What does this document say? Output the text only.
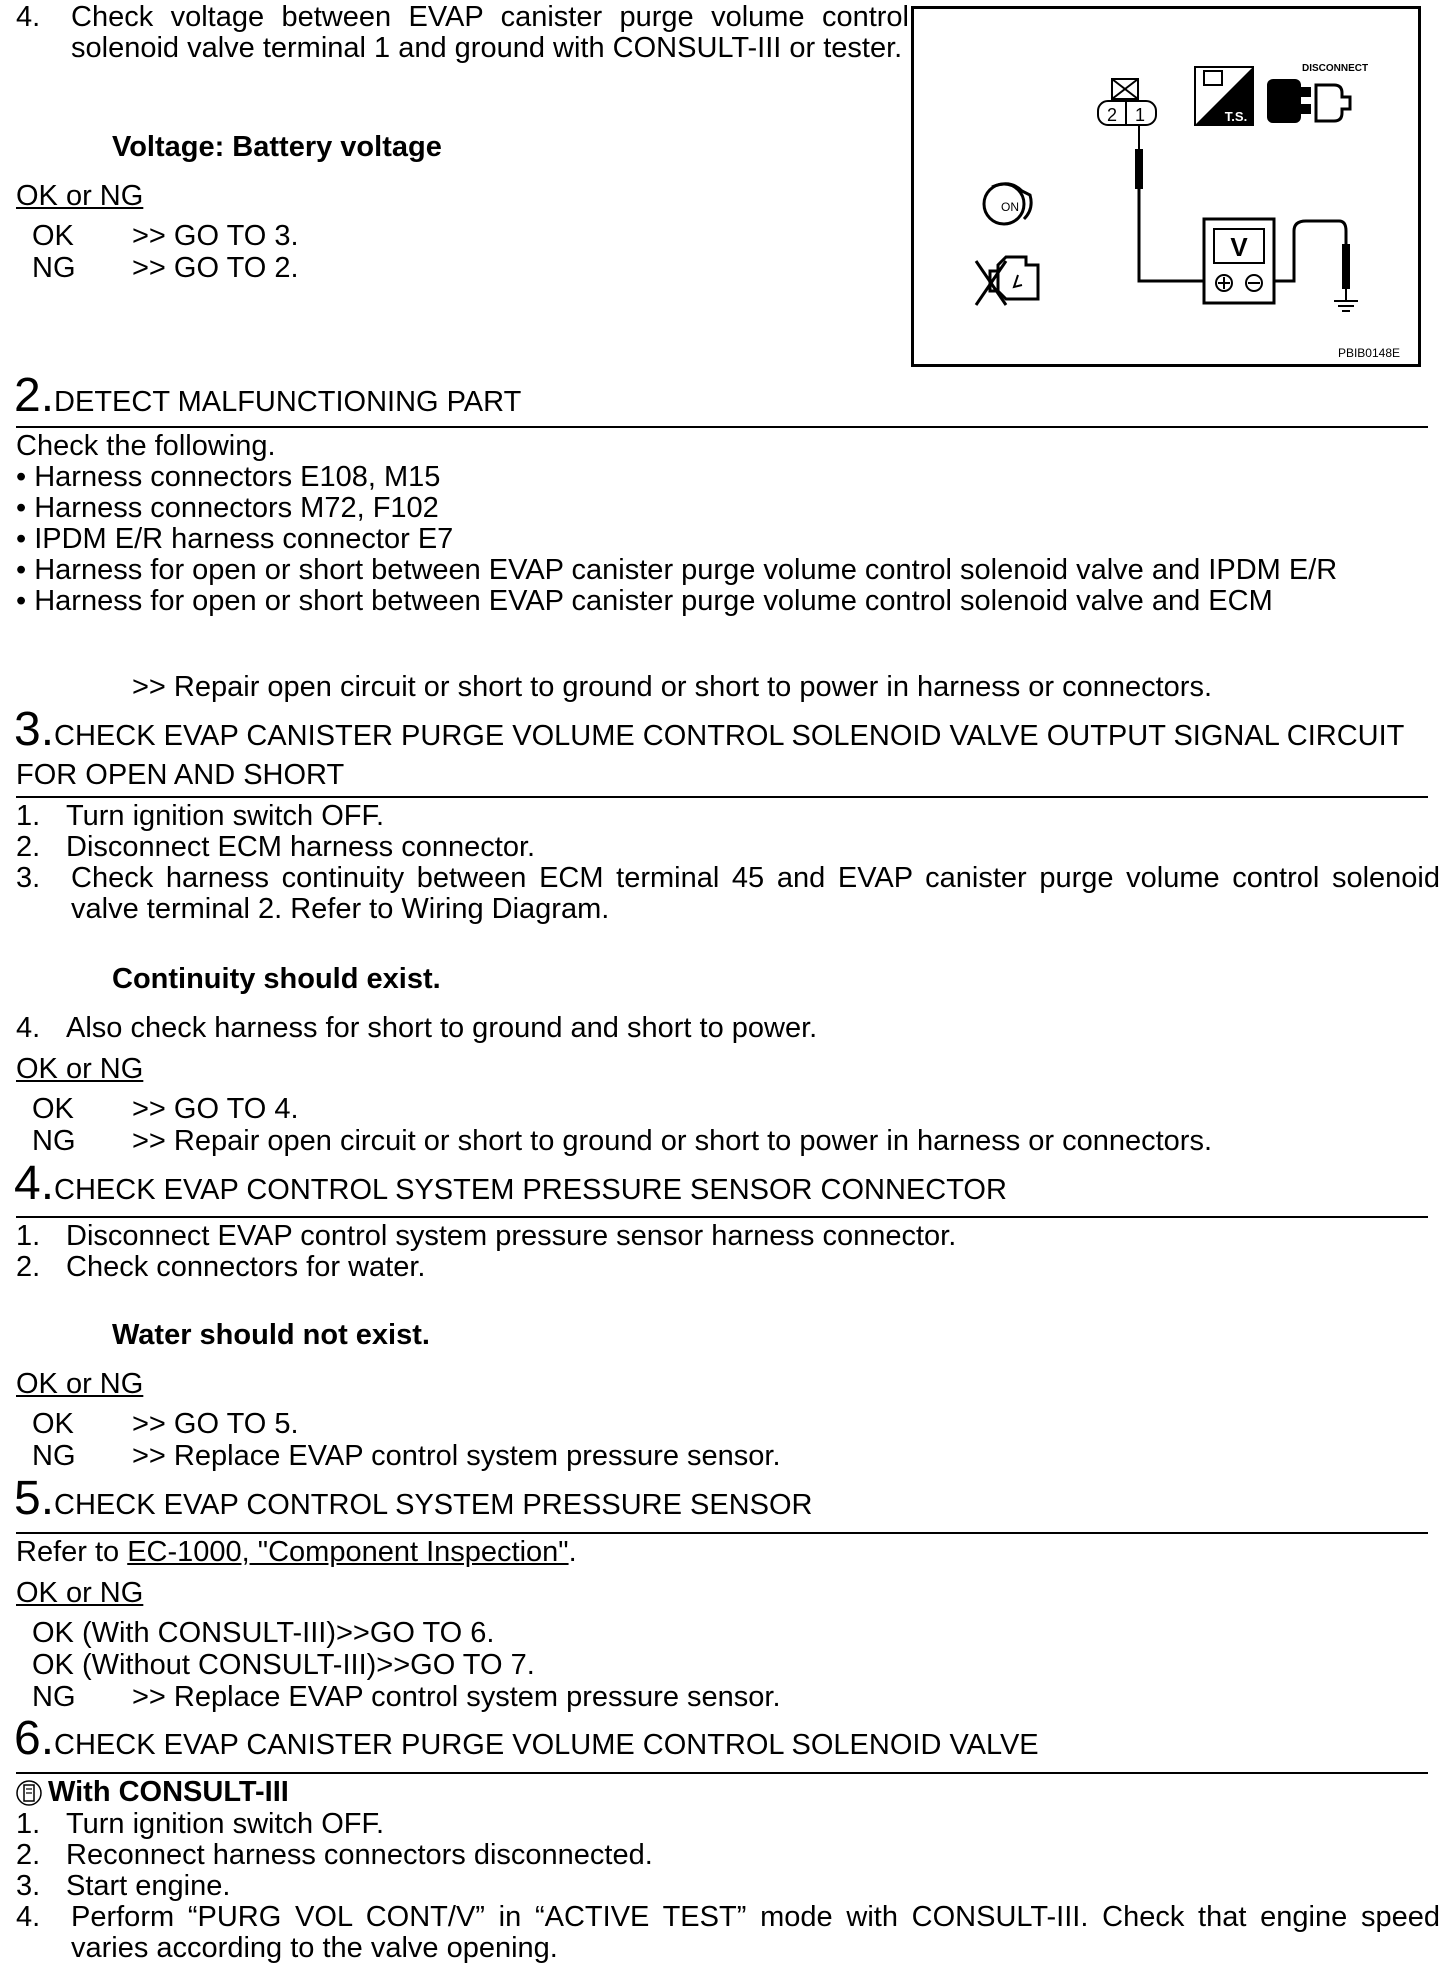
4. Check voltage between EVAP canister purge volume control solenoid valve terminal 1 and ground with CONSULT-III or tester.
Voltage: Battery voltage
OK or NG
OK >> GO TO 3.
NG >> GO TO 2.
2 1
V
T.S.
DISCONNECT
ON
PBIB0148E
2.DETECT MALFUNCTIONING PART
Check the following.
• Harness connectors E108, M15
• Harness connectors M72, F102
• IPDM E/R harness connector E7
• Harness for open or short between EVAP canister purge volume control solenoid valve and IPDM E/R
• Harness for open or short between EVAP canister purge volume control solenoid valve and ECM
>> Repair open circuit or short to ground or short to power in harness or connectors.
3.CHECK EVAP CANISTER PURGE VOLUME CONTROL SOLENOID VALVE OUTPUT SIGNAL CIRCUIT
FOR OPEN AND SHORT
1. Turn ignition switch OFF.
2. Disconnect ECM harness connector.
3. Check harness continuity between ECM terminal 45 and EVAP canister purge volume control solenoid valve terminal 2. Refer to Wiring Diagram.
Continuity should exist.
4. Also check harness for short to ground and short to power.
OK or NG
OK >> GO TO 4.
NG >> Repair open circuit or short to ground or short to power in harness or connectors.
4.CHECK EVAP CONTROL SYSTEM PRESSURE SENSOR CONNECTOR
1. Disconnect EVAP control system pressure sensor harness connector.
2. Check connectors for water.
Water should not exist.
OK or NG
OK >> GO TO 5.
NG >> Replace EVAP control system pressure sensor.
5.CHECK EVAP CONTROL SYSTEM PRESSURE SENSOR
Refer to EC-1000, "Component Inspection".
OK or NG
OK (With CONSULT-III)>>GO TO 6.
OK (Without CONSULT-III)>>GO TO 7.
NG >> Replace EVAP control system pressure sensor.
6.CHECK EVAP CANISTER PURGE VOLUME CONTROL SOLENOID VALVE
With CONSULT-III
1. Turn ignition switch OFF.
2. Reconnect harness connectors disconnected.
3. Start engine.
4. Perform “PURG VOL CONT/V” in “ACTIVE TEST” mode with CONSULT-III. Check that engine speed varies according to the valve opening.
